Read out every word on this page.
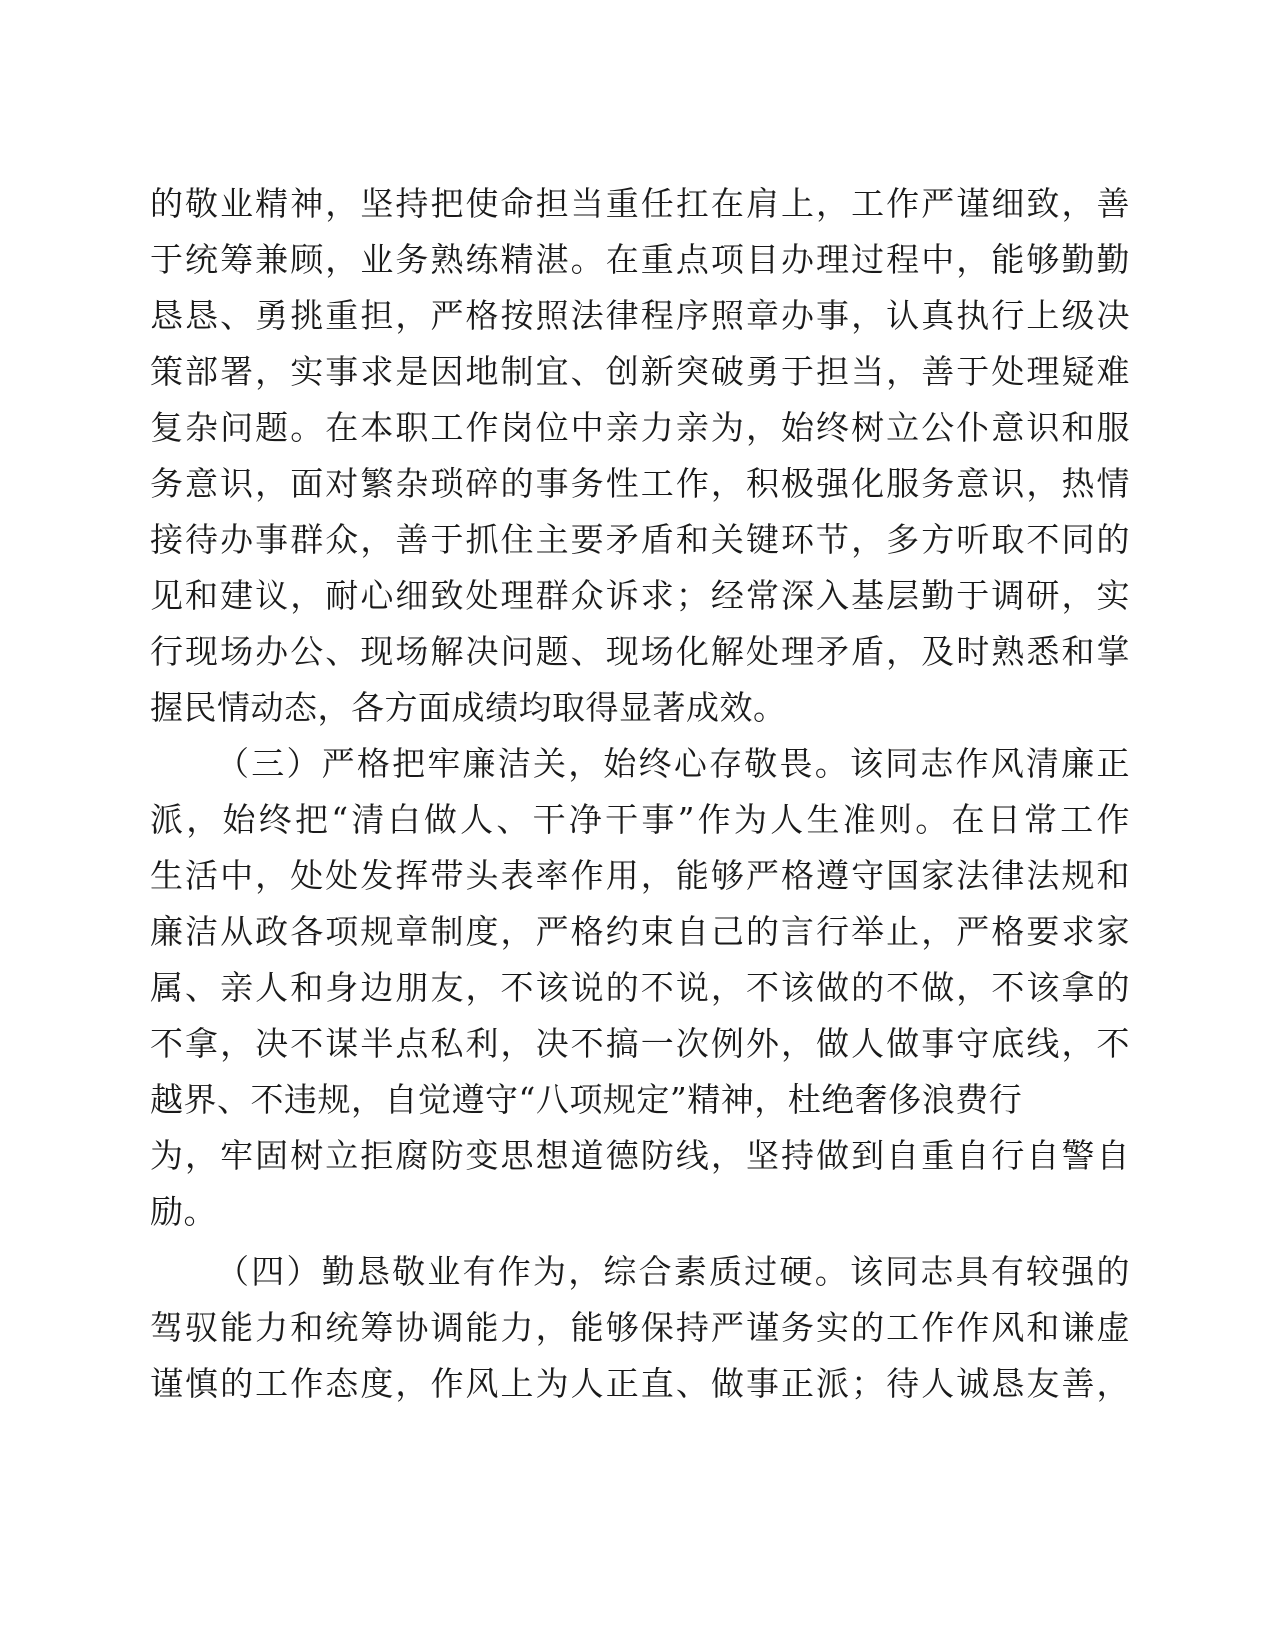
的敬业精神，坚持把使命担当重任扛在肩上，工作严谨细致，善
于统筹兼顾，业务熟练精湛。在重点项目办理过程中，能够勤勤
恳恳、勇挑重担，严格按照法律程序照章办事，认真执行上级决
策部署，实事求是因地制宜、创新突破勇于担当，善于处理疑难
复杂问题。在本职工作岗位中亲力亲为，始终树立公仆意识和服
务意识，面对繁杂琐碎的事务性工作，积极强化服务意识，热情
接待办事群众，善于抓住主要矛盾和关键环节，多方听取不同的
见和建议，耐心细致处理群众诉求；经常深入基层勤于调研，实
行现场办公、现场解决问题、现场化解处理矛盾，及时熟悉和掌
握民情动态，各方面成绩均取得显著成效。
（三）严格把牢廉洁关，始终心存敬畏。该同志作风清廉正
派，始终把“清白做人、干净干事”作为人生准则。在日常工作
生活中，处处发挥带头表率作用，能够严格遵守国家法律法规和
廉洁从政各项规章制度，严格约束自己的言行举止，严格要求家
属、亲人和身边朋友，不该说的不说，不该做的不做，不该拿的
不拿，决不谋半点私利，决不搞一次例外，做人做事守底线，不
越界、不违规，自觉遵守“八项规定”精神，杜绝奢侈浪费行
为，牢固树立拒腐防变思想道德防线，坚持做到自重自行自警自
励。
（四）勤恳敬业有作为，综合素质过硬。该同志具有较强的
驾驭能力和统筹协调能力，能够保持严谨务实的工作作风和谦虚
谨慎的工作态度，作风上为人正直、做事正派；待人诚恳友善，
